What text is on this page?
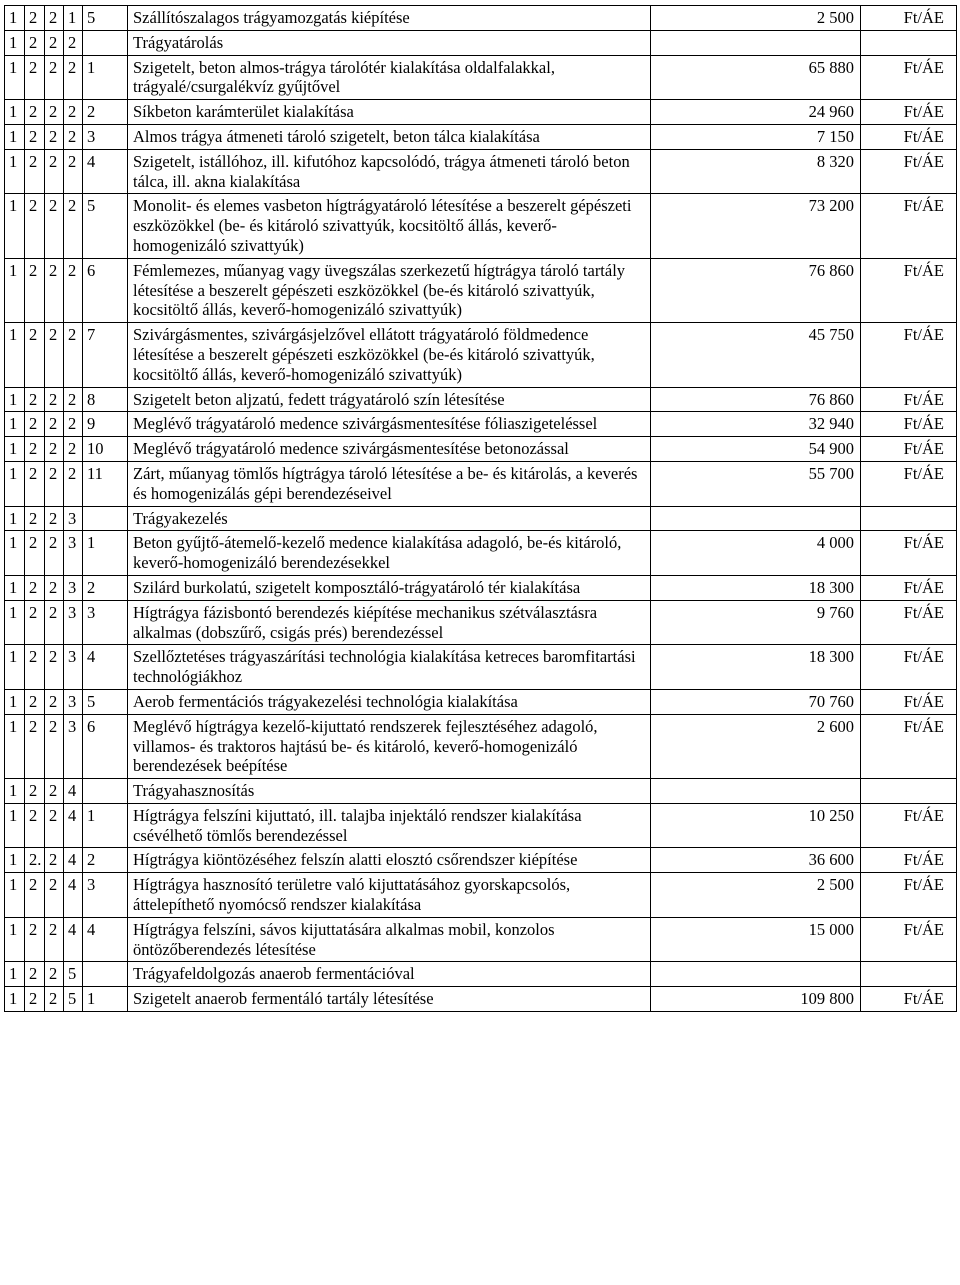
1	2	2	1	5	Szállítószalagos trágyamozgatás kiépítése	2 500	Ft/ÁE
1	2	2	2		Trágyatárolás		
1	2	2	2	1	Szigetelt, beton almos-trágya tárolótér kialakítása oldalfalakkal, trágyalé/csurgalékvíz gyűjtővel	65 880	Ft/ÁE
1	2	2	2	2	Síkbeton karámterület kialakítása	24 960	Ft/ÁE
1	2	2	2	3	Almos trágya átmeneti tároló szigetelt, beton tálca kialakítása	7 150	Ft/ÁE
1	2	2	2	4	Szigetelt, istállóhoz, ill. kifutóhoz kapcsolódó, trágya átmeneti tároló beton tálca, ill. akna kialakítása	8 320	Ft/ÁE
1	2	2	2	5	Monolit- és elemes vasbeton hígtrágyatároló létesítése a beszerelt gépészeti eszközökkel (be- és kitároló szivattyúk, kocsitöltő állás, keverő-homogenizáló szivattyúk)	73 200	Ft/ÁE
1	2	2	2	6	Fémlemezes, műanyag vagy üvegszálas szerkezetű hígtrágya tároló tartály létesítése a beszerelt gépészeti eszközökkel (be-és kitároló szivattyúk, kocsitöltő állás, keverő-homogenizáló szivattyúk)	76 860	Ft/ÁE
1	2	2	2	7	Szivárgásmentes, szivárgásjelzővel ellátott trágyatároló földmedence létesítése a beszerelt gépészeti eszközökkel (be-és kitároló szivattyúk, kocsitöltő állás, keverő-homogenizáló szivattyúk)	45 750	Ft/ÁE
1	2	2	2	8	Szigetelt beton aljzatú, fedett trágyatároló szín létesítése	76 860	Ft/ÁE
1	2	2	2	9	Meglévő trágyatároló medence szivárgásmentesítése fóliaszigeteléssel	32 940	Ft/ÁE
1	2	2	2	10	Meglévő trágyatároló medence szivárgásmentesítése betonozással	54 900	Ft/ÁE
1	2	2	2	11	Zárt, műanyag tömlős hígtrágya tároló létesítése a be- és kitárolás, a keverés és homogenizálás gépi berendezéseivel	55 700	Ft/ÁE
1	2	2	3		Trágyakezelés		
1	2	2	3	1	Beton gyűjtő-átemelő-kezelő medence kialakítása adagoló, be-és kitároló, keverő-homogenizáló berendezésekkel	4 000	Ft/ÁE
1	2	2	3	2	Szilárd burkolatú, szigetelt komposztáló-trágyatároló tér kialakítása	18 300	Ft/ÁE
1	2	2	3	3	Hígtrágya fázisbontó berendezés kiépítése mechanikus szétválasztásra alkalmas (dobszűrő, csigás prés) berendezéssel	9 760	Ft/ÁE
1	2	2	3	4	Szellőztetéses trágyaszárítási technológia kialakítása ketreces baromfitartási technológiákhoz	18 300	Ft/ÁE
1	2	2	3	5	Aerob fermentációs trágyakezelési technológia kialakítása	70 760	Ft/ÁE
1	2	2	3	6	Meglévő hígtrágya kezelő-kijuttató rendszerek fejlesztéséhez adagoló, villamos- és traktoros hajtású be- és kitároló, keverő-homogenizáló berendezések beépítése	2 600	Ft/ÁE
1	2	2	4		Trágyahasznosítás		
1	2	2	4	1	Hígtrágya felszíni kijuttató, ill. talajba injektáló rendszer kialakítása csévélhető tömlős berendezéssel	10 250	Ft/ÁE
1	2.	2	4	2	Hígtrágya kiöntözéséhez felszín alatti elosztó csőrendszer kiépítése	36 600	Ft/ÁE
1	2	2	4	3	Hígtrágya hasznosító területre való kijuttatásához gyorskapcsolós, áttelepíthető nyomócső rendszer kialakítása	2 500	Ft/ÁE
1	2	2	4	4	Hígtrágya felszíni, sávos kijuttatására alkalmas mobil, konzolos öntözőberendezés létesítése	15 000	Ft/ÁE
1	2	2	5		Trágyafeldolgozás anaerob fermentációval		
1	2	2	5	1	Szigetelt anaerob fermentáló tartály létesítése	109 800	Ft/ÁE
